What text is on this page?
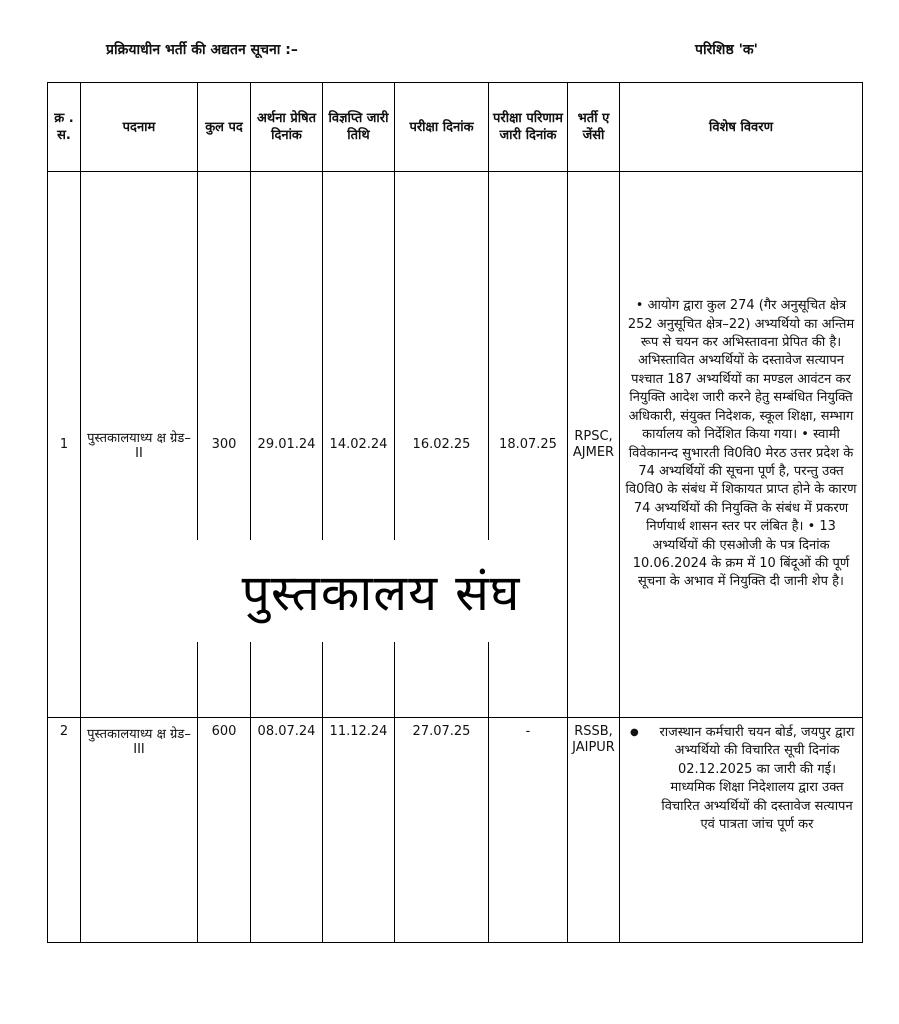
प्रक्रियाधीन भर्ती की अद्यतन सूचना :–	परिशिष्ठ 'क'
क्र . स.	पदनाम	कुल पद	अर्थना प्रेषित दिनांक	विज्ञप्ति जारी तिथि	परीक्षा दिनांक	परीक्षा परिणाम जारी दिनांक	भर्ती ए जेंसी	विशेष विवरण
1	पुस्तकालयाध्य क्ष ग्रेड–II	300	29.01.24	14.02.24	16.02.25	18.07.25	RPSC, AJMER	• आयोग द्वारा कुल 274 (गैर अनुसूचित क्षेत्र 252 अनुसूचित क्षेत्र–22) अभ्यर्थियो का अन्तिम रूप से चयन कर अभिस्तावना प्रेपित की है। अभिस्तावित अभ्यर्थियों के दस्तावेज सत्यापन पश्चात 187 अभ्यर्थियों का मण्डल आवंटन कर नियुक्ति आदेश जारी करने हेतु सम्बंधित नियुक्ति अधिकारी, संयुक्त निदेशक, स्कूल शिक्षा, सम्भाग कार्यालय को निर्देशित किया गया। • स्वामी विवेकानन्द सुभारती वि0वि0 मेरठ उत्तर प्रदेश के 74 अभ्यर्थियों की सूचना पूर्ण है, परन्तु उक्त वि0वि0 के संबंध में शिकायत प्राप्त होने के कारण 74 अभ्यर्थियों की नियुक्ति के संबंध में प्रकरण निर्णयार्थ शासन स्तर पर लंबित है। • 13 अभ्यर्थियों की एसओजी के पत्र दिनांक 10.06.2024 के क्रम में 10 बिंदूओं की पूर्ण सूचना के अभाव में नियुक्ति दी जानी शेप है।
2	पुस्तकालयाध्य क्ष ग्रेड–III	600	08.07.24	11.12.24	27.07.25	-	RSSB, JAIPUR	● राजस्थान कर्मचारी चयन बोर्ड, जयपुर द्वारा अभ्यर्थियो की विचारित सूची दिनांक 02.12.2025 का जारी की गई। माध्यमिक शिक्षा निदेशालय द्वारा उक्त विचारित अभ्यर्थियों की दस्तावेज सत्यापन एवं पात्रता जांच पूर्ण कर
पुस्तकालय संघ
